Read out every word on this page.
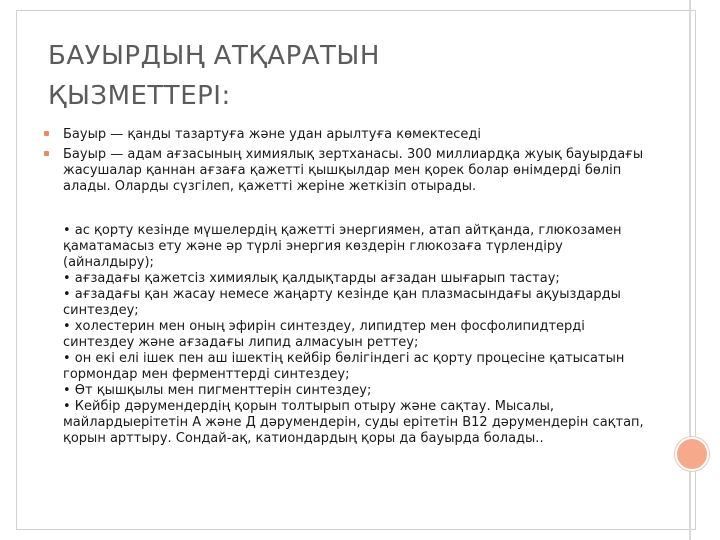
БАУЫРДЫҢ АТҚАРАТЫН
ҚЫЗМЕТТЕРІ:
Бауыр — қанды тазартуға және удан арылтуға көмектеседі
Бауыр — адам ағзасының химиялық зертханасы. 300 миллиардқа жуық бауырдағы жасушалар қаннан ағзаға қажетті қышқылдар мен қорек болар өнімдерді бөліп алады. Оларды сүзгілеп, қажетті жеріне жеткізіп отырады.

• ас қорту кезінде мүшелердің қажетті энергиямен, атап айтқанда, глюкозамен қаматамасыз ету және әр түрлі энергия көздерін глюкозаға түрлендіру (айналдыру);

• ағзадағы қажетсіз химиялық қалдықтарды ағзадан шығарып тастау;

• ағзадағы қан жасау немесе жаңарту кезінде қан плазмасындағы ақуыздарды синтездеу;

• холестерин мен оның эфирін синтездеу, липидтер мен фосфолипидтерді синтездеу және ағзадағы липид алмасуын реттеу;

• он екі елі ішек пен аш ішектің кейбір бөлігіндегі ас қорту процесіне қатысатын гормондар мен ферменттерді синтездеу;

• Өт қышқылы мен пигменттерін синтездеу;

• Кейбір дәрумендердің қорын толтырып отыру және сақтау. Мысалы, майлардыерітетін А және Д дәрумендерін, суды ерітетін В12 дәрумендерін сақтап, қорын арттыру. Сондай-ақ, катиондардың қоры да бауырда болады..
